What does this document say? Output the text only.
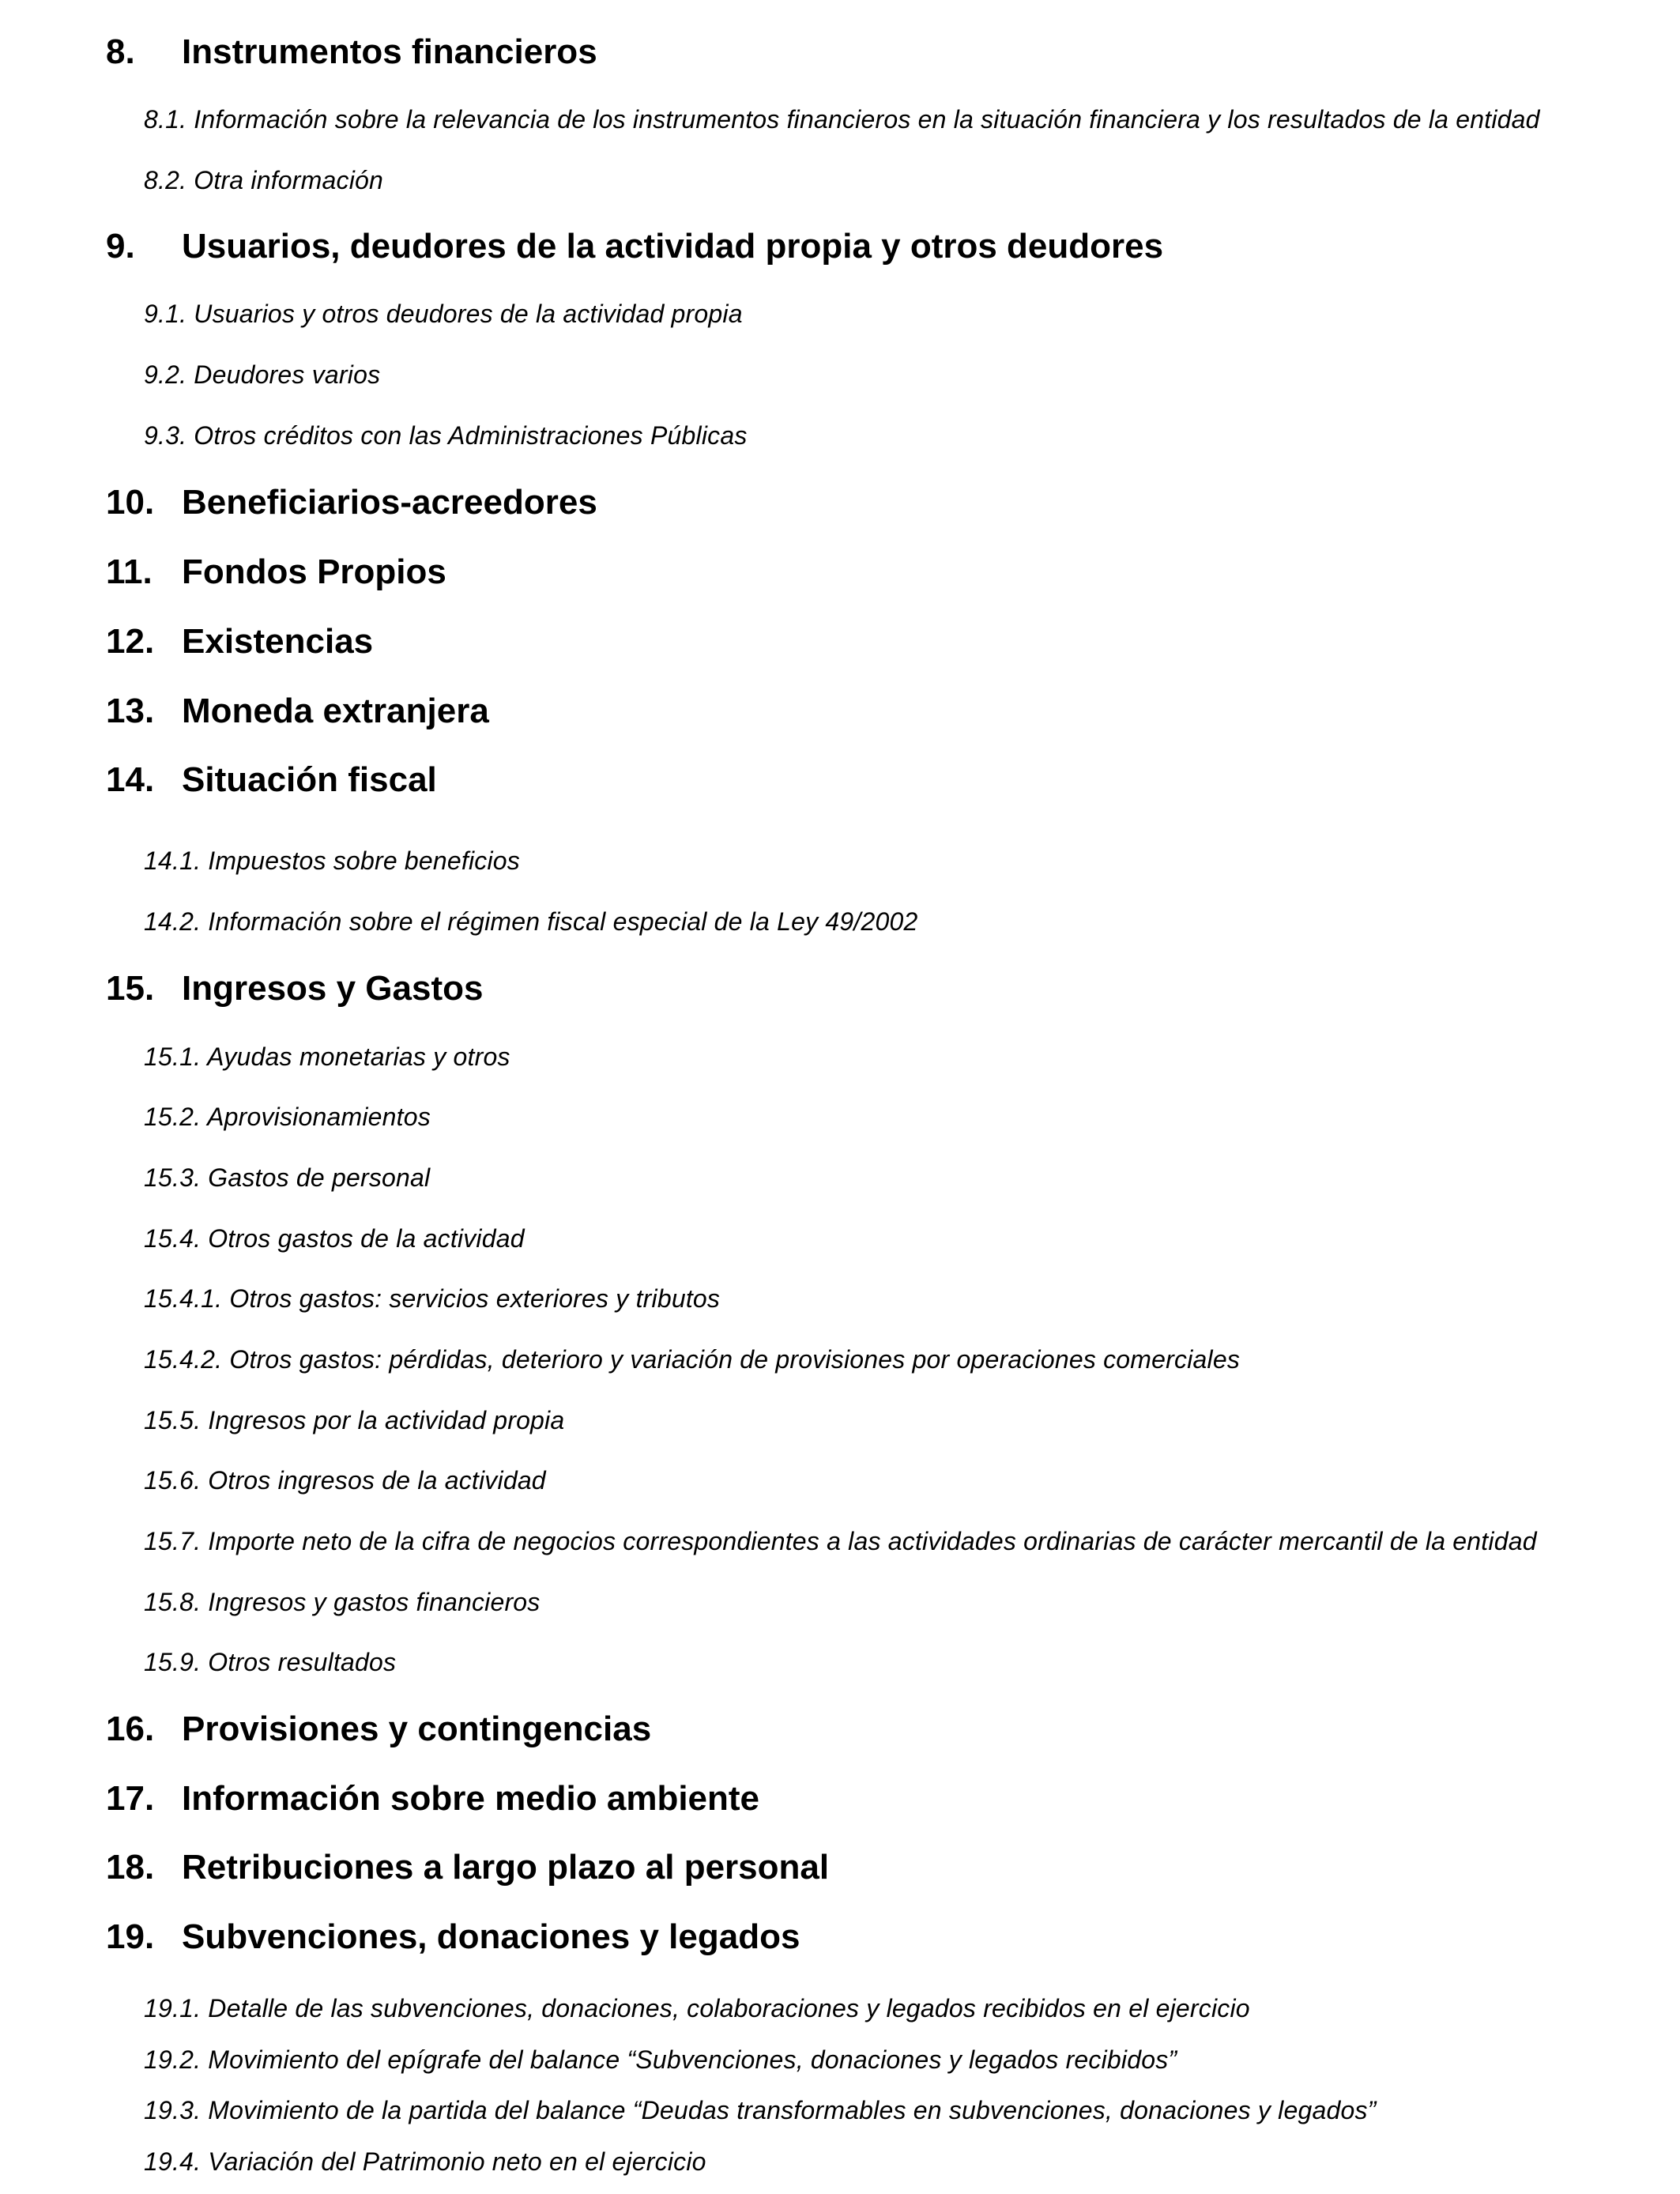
8. Instrumentos financieros
8.1. Información sobre la relevancia de los instrumentos financieros en la situación financiera y los resultados de la entidad
8.2. Otra información
9. Usuarios, deudores de la actividad propia y otros deudores
9.1. Usuarios y otros deudores de la actividad propia
9.2. Deudores varios
9.3. Otros créditos con las Administraciones Públicas
10. Beneficiarios-acreedores
11. Fondos Propios
12. Existencias
13. Moneda extranjera
14. Situación fiscal
14.1. Impuestos sobre beneficios
14.2. Información sobre el régimen fiscal especial de la Ley 49/2002
15. Ingresos y Gastos
15.1. Ayudas monetarias y otros
15.2. Aprovisionamientos
15.3. Gastos de personal
15.4. Otros gastos de la actividad
15.4.1. Otros gastos: servicios exteriores y tributos
15.4.2. Otros gastos: pérdidas, deterioro y variación de provisiones por operaciones comerciales
15.5. Ingresos por la actividad propia
15.6. Otros ingresos de la actividad
15.7. Importe neto de la cifra de negocios correspondientes a las actividades ordinarias de carácter mercantil de la entidad
15.8. Ingresos y gastos financieros
15.9. Otros resultados
16. Provisiones y contingencias
17. Información sobre medio ambiente
18. Retribuciones a largo plazo al personal
19. Subvenciones, donaciones y legados
19.1. Detalle de las subvenciones, donaciones, colaboraciones y legados recibidos en el ejercicio
19.2. Movimiento del epígrafe del balance “Subvenciones, donaciones y legados recibidos”
19.3. Movimiento de la partida del balance “Deudas transformables en subvenciones, donaciones y legados”
19.4. Variación del Patrimonio neto en el ejercicio
